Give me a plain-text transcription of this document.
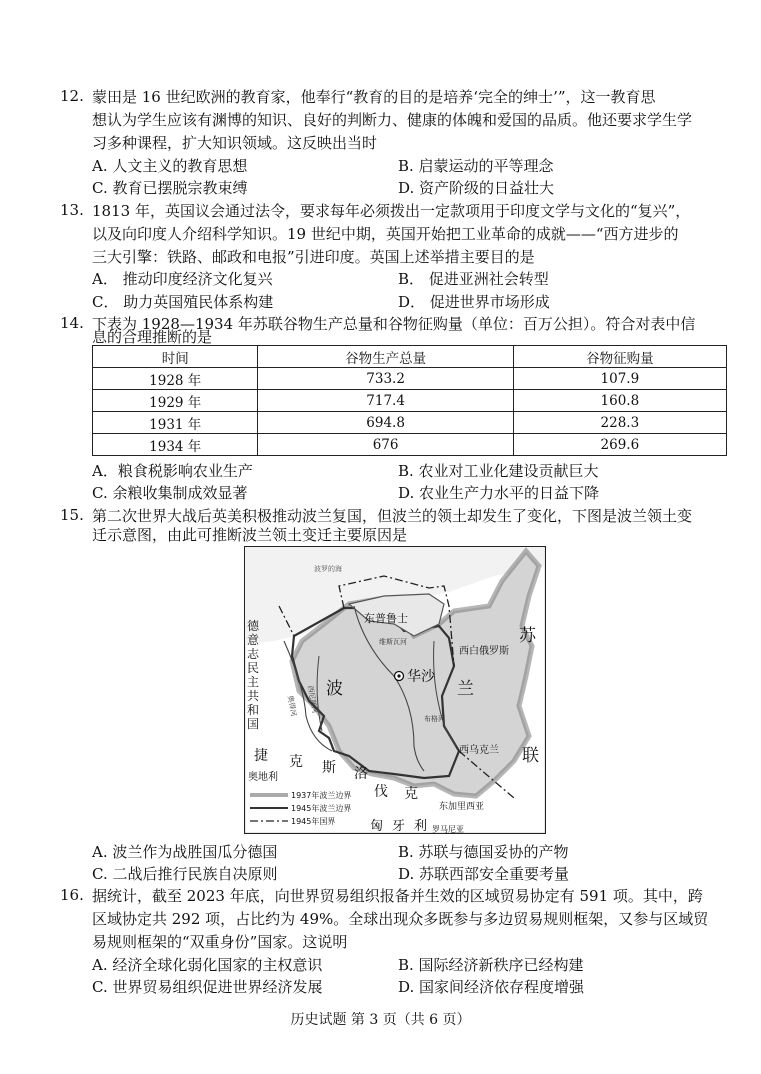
12. 蒙田是 16 世纪欧洲的教育家，他奉行“教育的目的是培养‘完全的绅士’”，这一教育思
想认为学生应该有渊博的知识、良好的判断力、健康的体魄和爱国的品质。他还要求学生学
习多种课程，扩大知识领域。这反映出当时
A. 人文主义的教育思想	B. 启蒙运动的平等理念
C. 教育已摆脱宗教束缚	D. 资产阶级的日益壮大
13. 1813 年，英国议会通过法令，要求每年必须拨出一定款项用于印度文学与文化的“复兴”，
以及向印度人介绍科学知识。19 世纪中期，英国开始把工业革命的成就——“西方进步的
三大引擎：铁路、邮政和电报”引进印度。英国上述举措主要目的是
A． 推动印度经济文化复兴	B． 促进亚洲社会转型
C． 助力英国殖民体系构建	D． 促进世界市场形成
14. 下表为 1928—1934 年苏联谷物生产总量和谷物征购量（单位：百万公担）。符合对表中信
息的合理推断的是
时间	谷物生产总量	谷物征购量
1928 年	733.2	107.9
1929 年	717.4	160.8
1931 年	694.8	228.3
1934 年	676	269.6
A．粮食税影响农业生产	B. 农业对工业化建设贡献巨大
C. 余粮收集制成效显著	D. 农业生产力水平的日益下降
15. 第二次世界大战后英美积极推动波兰复国，但波兰的领土却发生了变化，下图是波兰领土变
迁示意图，由此可推断波兰领土变迁主要原因是
波罗的海
东普鲁士
西白俄罗斯
华沙
波	兰
西乌克兰
东加里西亚
苏
联
德
意
志
民
主
共
和
国
奥得河 西尼斯河
维斯瓦河
布格河
捷 克 斯 洛
伐 克
奥地利
匈 牙 利 罗马尼亚
1937年波兰边界
1945年波兰边界
1945年国界
A. 波兰作为战胜国瓜分德国	B. 苏联与德国妥协的产物
C. 二战后推行民族自决原则	D. 苏联西部安全重要考量
16. 据统计，截至 2023 年底，向世界贸易组织报备并生效的区域贸易协定有 591 项。其中，跨
区域协定共 292 项，占比约为 49%。全球出现众多既参与多边贸易规则框架，又参与区域贸
易规则框架的“双重身份”国家。这说明
A. 经济全球化弱化国家的主权意识	B. 国际经济新秩序已经构建
C. 世界贸易组织促进世界经济发展	D. 国家间经济依存程度增强
历史试题 第 3 页（共 6 页）
